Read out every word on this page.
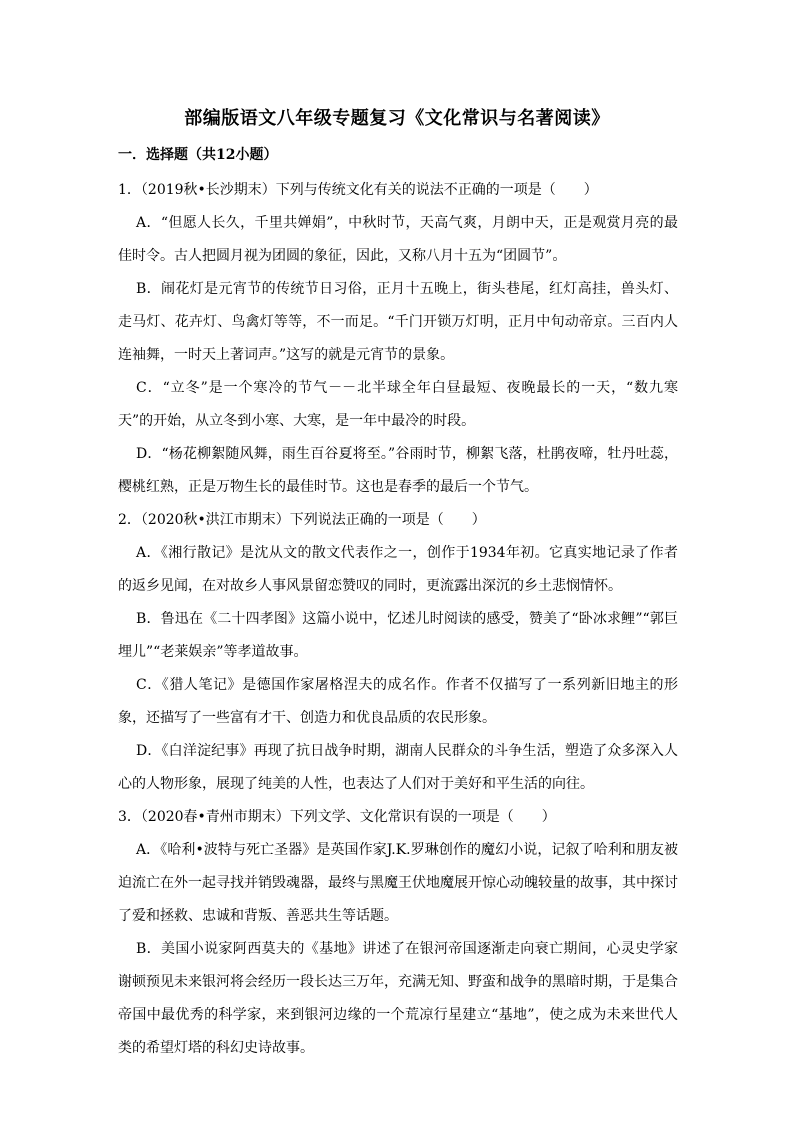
部编版语文八年级专题复习《文化常识与名著阅读》
一．选择题（共12小题）

1．（2019秋•长沙期末）下列与传统文化有关的说法不正确的一项是（　　）

A．“但愿人长久，千里共婵娟”，中秋时节，天高气爽，月朗中天，正是观赏月亮的最佳时令。古人把圆月视为团圆的象征，因此，又称八月十五为“团圆节”。

B．闹花灯是元宵节的传统节日习俗，正月十五晚上，街头巷尾，红灯高挂，兽头灯、走马灯、花卉灯、鸟禽灯等等，不一而足。“千门开锁万灯明，正月中旬动帝京。三百内人连袖舞，一时天上著词声。”这写的就是元宵节的景象。

C．“立冬”是一个寒冷的节气－－北半球全年白昼最短、夜晚最长的一天，“数九寒天”的开始，从立冬到小寒、大寒，是一年中最冷的时段。

D．“杨花柳絮随风舞，雨生百谷夏将至。”谷雨时节，柳絮飞落，杜鹃夜啼，牡丹吐蕊，樱桃红熟，正是万物生长的最佳时节。这也是春季的最后一个节气。

2．（2020秋•洪江市期末）下列说法正确的一项是（　　）

A．《湘行散记》是沈从文的散文代表作之一，创作于1934年初。它真实地记录了作者的返乡见闻，在对故乡人事风景留恋赞叹的同时，更流露出深沉的乡土悲悯情怀。

B．鲁迅在《二十四孝图》这篇小说中，忆述儿时阅读的感受，赞美了“卧冰求鲤”“郭巨埋儿”“老莱娱亲”等孝道故事。

C．《猎人笔记》是德国作家屠格涅夫的成名作。作者不仅描写了一系列新旧地主的形象，还描写了一些富有才干、创造力和优良品质的农民形象。

D．《白洋淀纪事》再现了抗日战争时期，湖南人民群众的斗争生活，塑造了众多深入人心的人物形象，展现了纯美的人性，也表达了人们对于美好和平生活的向往。

3．（2020春•青州市期末）下列文学、文化常识有误的一项是（　　）

A．《哈利•波特与死亡圣器》是英国作家J.K.罗琳创作的魔幻小说，记叙了哈利和朋友被迫流亡在外一起寻找并销毁魂器，最终与黑魔王伏地魔展开惊心动魄较量的故事，其中探讨了爱和拯救、忠诚和背叛、善恶共生等话题。

B．美国小说家阿西莫夫的《基地》讲述了在银河帝国逐渐走向衰亡期间，心灵史学家谢顿预见未来银河将会经历一段长达三万年，充满无知、野蛮和战争的黑暗时期，于是集合帝国中最优秀的科学家，来到银河边缘的一个荒凉行星建立“基地”，使之成为未来世代人类的希望灯塔的科幻史诗故事。
